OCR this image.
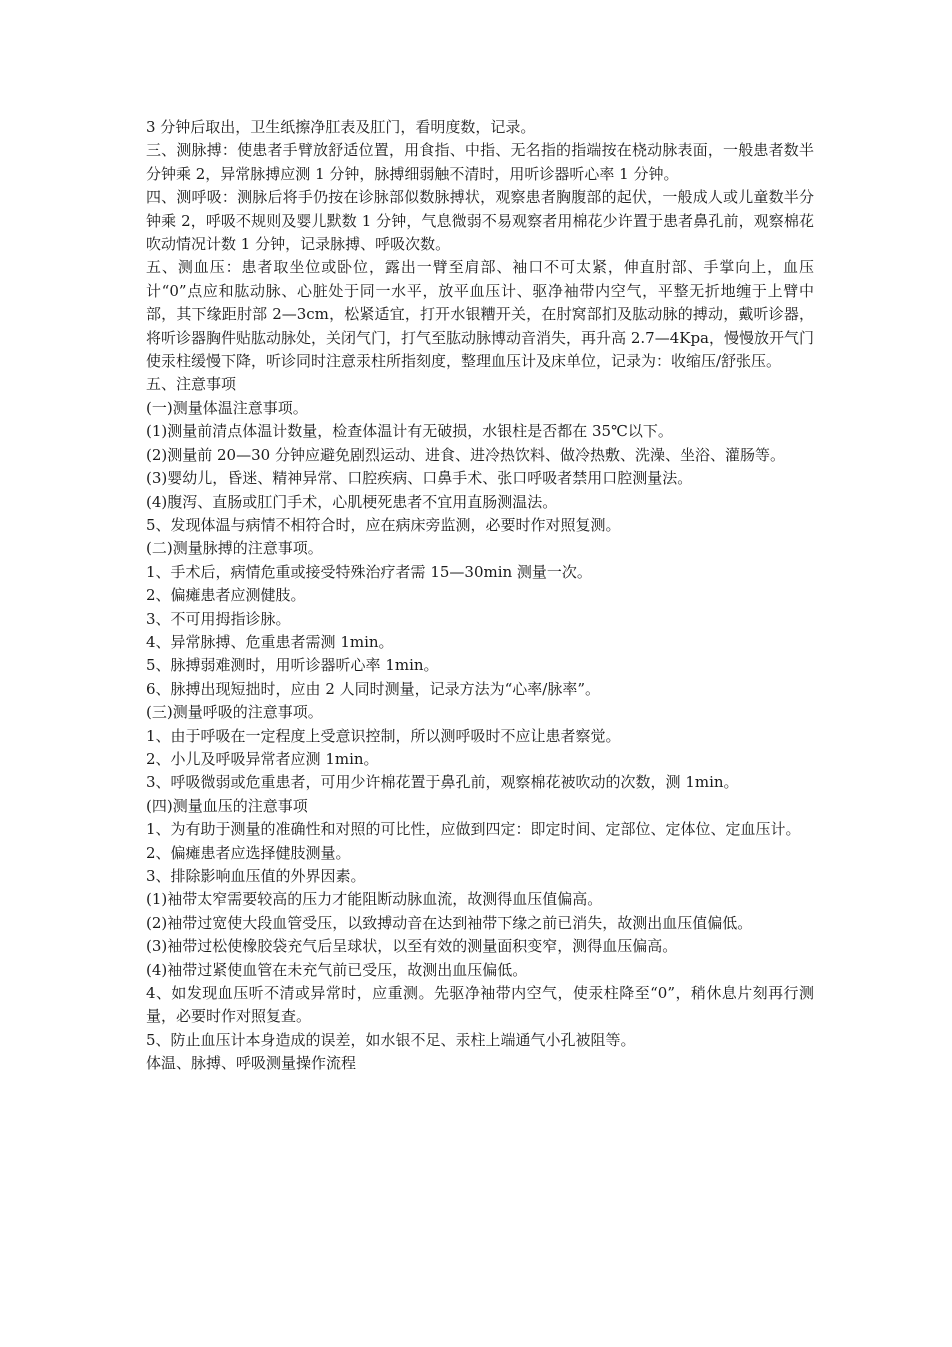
3 分钟后取出，卫生纸擦净肛表及肛门，看明度数，记录。

三、测脉搏：使患者手臂放舒适位置，用食指、中指、无名指的指端按在桡动脉表面，一般患者数半分钟乘 2，异常脉搏应测 1 分钟，脉搏细弱触不清时，用听诊器听心率 1 分钟。

四、测呼吸：测脉后将手仍按在诊脉部似数脉搏状，观察患者胸腹部的起伏，一般成人或儿童数半分钟乘 2，呼吸不规则及婴儿默数 1 分钟，气息微弱不易观察者用棉花少许置于患者鼻孔前，观察棉花吹动情况计数 1 分钟，记录脉搏、呼吸次数。

五、测血压：患者取坐位或卧位，露出一臂至肩部、袖口不可太紧，伸直肘部、手掌向上，血压计“0”点应和肱动脉、心脏处于同一水平，放平血压计、驱净袖带内空气，平整无折地缠于上臂中部，其下缘距肘部 2—3cm，松紧适宜，打开水银糟开关，在肘窝部扪及肱动脉的搏动，戴听诊器，将听诊器胸件贴肱动脉处，关闭气门，打气至肱动脉博动音消失，再升高 2.7—4Kpa，慢慢放开气门使汞柱缓慢下降，听诊同时注意汞柱所指刻度，整理血压计及床单位，记录为：收缩压/舒张压。

五、注意事项

(一)测量体温注意事项。

(1)测量前清点体温计数量，检查体温计有无破损，水银柱是否都在 35℃以下。

(2)测量前 20—30 分钟应避免剧烈运动、进食、进冷热饮料、做冷热敷、洗澡、坐浴、灌肠等。

(3)婴幼儿，昏迷、精神异常、口腔疾病、口鼻手术、张口呼吸者禁用口腔测量法。

(4)腹泻、直肠或肛门手术，心肌梗死患者不宜用直肠测温法。

5、发现体温与病情不相符合时，应在病床旁监测，必要时作对照复测。

(二)测量脉搏的注意事项。

1、手术后，病情危重或接受特殊治疗者需 15—30min 测量一次。

2、偏瘫患者应测健肢。

3、不可用拇指诊脉。

4、异常脉搏、危重患者需测 1min。

5、脉搏弱难测时，用听诊器听心率 1min。

6、脉搏出现短拙时，应由 2 人同时测量，记录方法为“心率/脉率”。

(三)测量呼吸的注意事项。

1、由于呼吸在一定程度上受意识控制，所以测呼吸时不应让患者察觉。

2、小儿及呼吸异常者应测 1min。

3、呼吸微弱或危重患者，可用少许棉花置于鼻孔前，观察棉花被吹动的次数，测 1min。

(四)测量血压的注意事项

1、为有助于测量的准确性和对照的可比性，应做到四定：即定时间、定部位、定体位、定血压计。

2、偏瘫患者应选择健肢测量。

3、排除影响血压值的外界因素。

(1)袖带太窄需要较高的压力才能阻断动脉血流，故测得血压值偏高。

(2)袖带过宽使大段血管受压，以致搏动音在达到袖带下缘之前已消失，故测出血压值偏低。

(3)袖带过松使橡胶袋充气后呈球状，以至有效的测量面积变窄，测得血压偏高。

(4)袖带过紧使血管在未充气前已受压，故测出血压偏低。

4、如发现血压听不清或异常时，应重测。先驱净袖带内空气，使汞柱降至“0”，稍休息片刻再行测量，必要时作对照复查。

5、防止血压计本身造成的误差，如水银不足、汞柱上端通气小孔被阻等。

体温、脉搏、呼吸测量操作流程
